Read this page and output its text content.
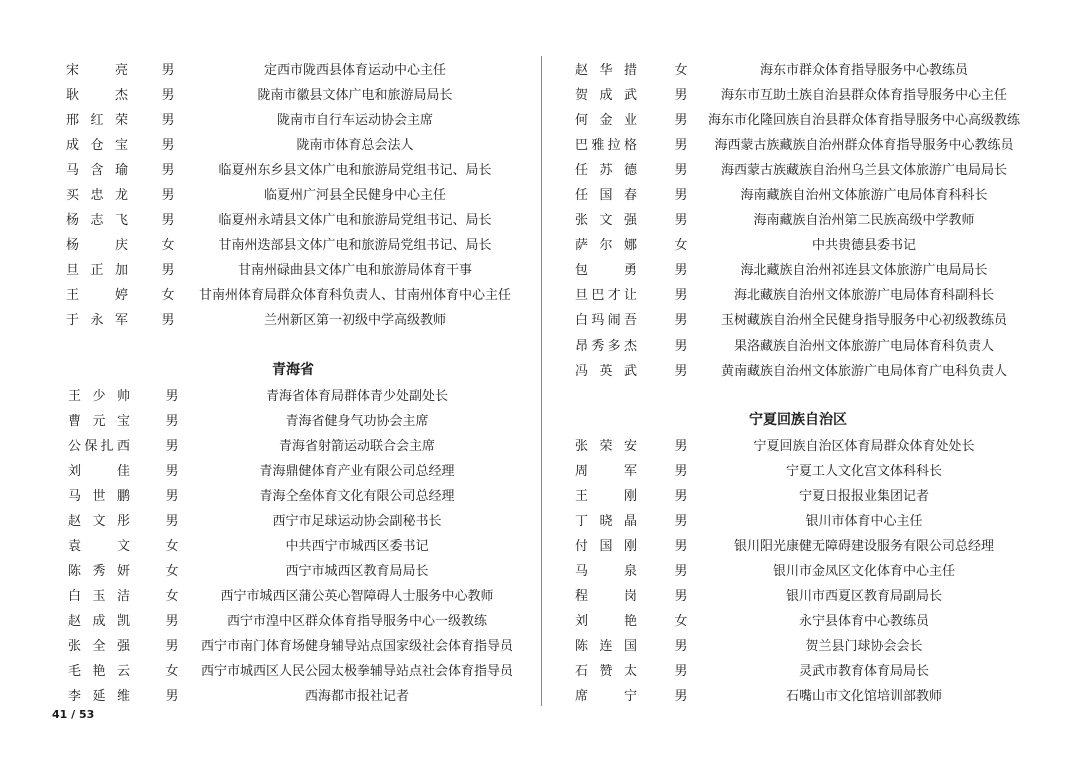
宋　亮	男	定西市陇西县体育运动中心主任
耿　杰	男	陇南市徽县文体广电和旅游局局长
邢红荣	男	陇南市自行车运动协会主席
成仓宝	男	陇南市体育总会法人
马含瑜	男	临夏州东乡县文体广电和旅游局党组书记、局长
买忠龙	男	临夏州广河县全民健身中心主任
杨志飞	男	临夏州永靖县文体广电和旅游局党组书记、局长
杨　庆	女	甘南州迭部县文体广电和旅游局党组书记、局长
旦正加	男	甘南州碌曲县文体广电和旅游局体育干事
王　婷	女	甘南州体育局群众体育科负责人、甘南州体育中心主任
于永军	男	兰州新区第一初级中学高级教师
青海省
王少帅	男	青海省体育局群体青少处副处长
曹元宝	男	青海省健身气功协会主席
公保扎西	男	青海省射箭运动联合会主席
刘　佳	男	青海鼎健体育产业有限公司总经理
马世鹏	男	青海仝垒体育文化有限公司总经理
赵文彤	男	西宁市足球运动协会副秘书长
袁　文	女	中共西宁市城西区委书记
陈秀妍	女	西宁市城西区教育局局长
白玉洁	女	西宁市城西区蒲公英心智障碍人士服务中心教师
赵成凯	男	西宁市湟中区群众体育指导服务中心一级教练
张全强	男	西宁市南门体育场健身辅导站点国家级社会体育指导员
毛艳云	女	西宁市城西区人民公园太极拳辅导站点社会体育指导员
李延维	男	西海都市报社记者
赵华措	女	海东市群众体育指导服务中心教练员
贺成武	男	海东市互助土族自治县群众体育指导服务中心主任
何金业	男	海东市化隆回族自治县群众体育指导服务中心高级教练
巴雅拉格	男	海西蒙古族藏族自治州群众体育指导服务中心教练员
任苏德	男	海西蒙古族藏族自治州乌兰县文体旅游广电局局长
任国春	男	海南藏族自治州文体旅游广电局体育科科长
张文强	男	海南藏族自治州第二民族高级中学教师
萨尔娜	女	中共贵德县委书记
包　勇	男	海北藏族自治州祁连县文体旅游广电局局长
旦巴才让	男	海北藏族自治州文体旅游广电局体育科副科长
白玛闹吾	男	玉树藏族自治州全民健身指导服务中心初级教练员
昂秀多杰	男	果洛藏族自治州文体旅游广电局体育科负责人
冯英武	男	黄南藏族自治州文体旅游广电局体育广电科负责人
宁夏回族自治区
张荣安	男	宁夏回族自治区体育局群众体育处处长
周　军	男	宁夏工人文化宫文体科科长
王　刚	男	宁夏日报报业集团记者
丁晓晶	男	银川市体育中心主任
付国刚	男	银川阳光康健无障碍建设服务有限公司总经理
马　泉	男	银川市金凤区文化体育中心主任
程　岗	男	银川市西夏区教育局副局长
刘　艳	女	永宁县体育中心教练员
陈连国	男	贺兰县门球协会会长
石赞太	男	灵武市教育体育局局长
席　宁	男	石嘴山市文化馆培训部教师
41 / 53
